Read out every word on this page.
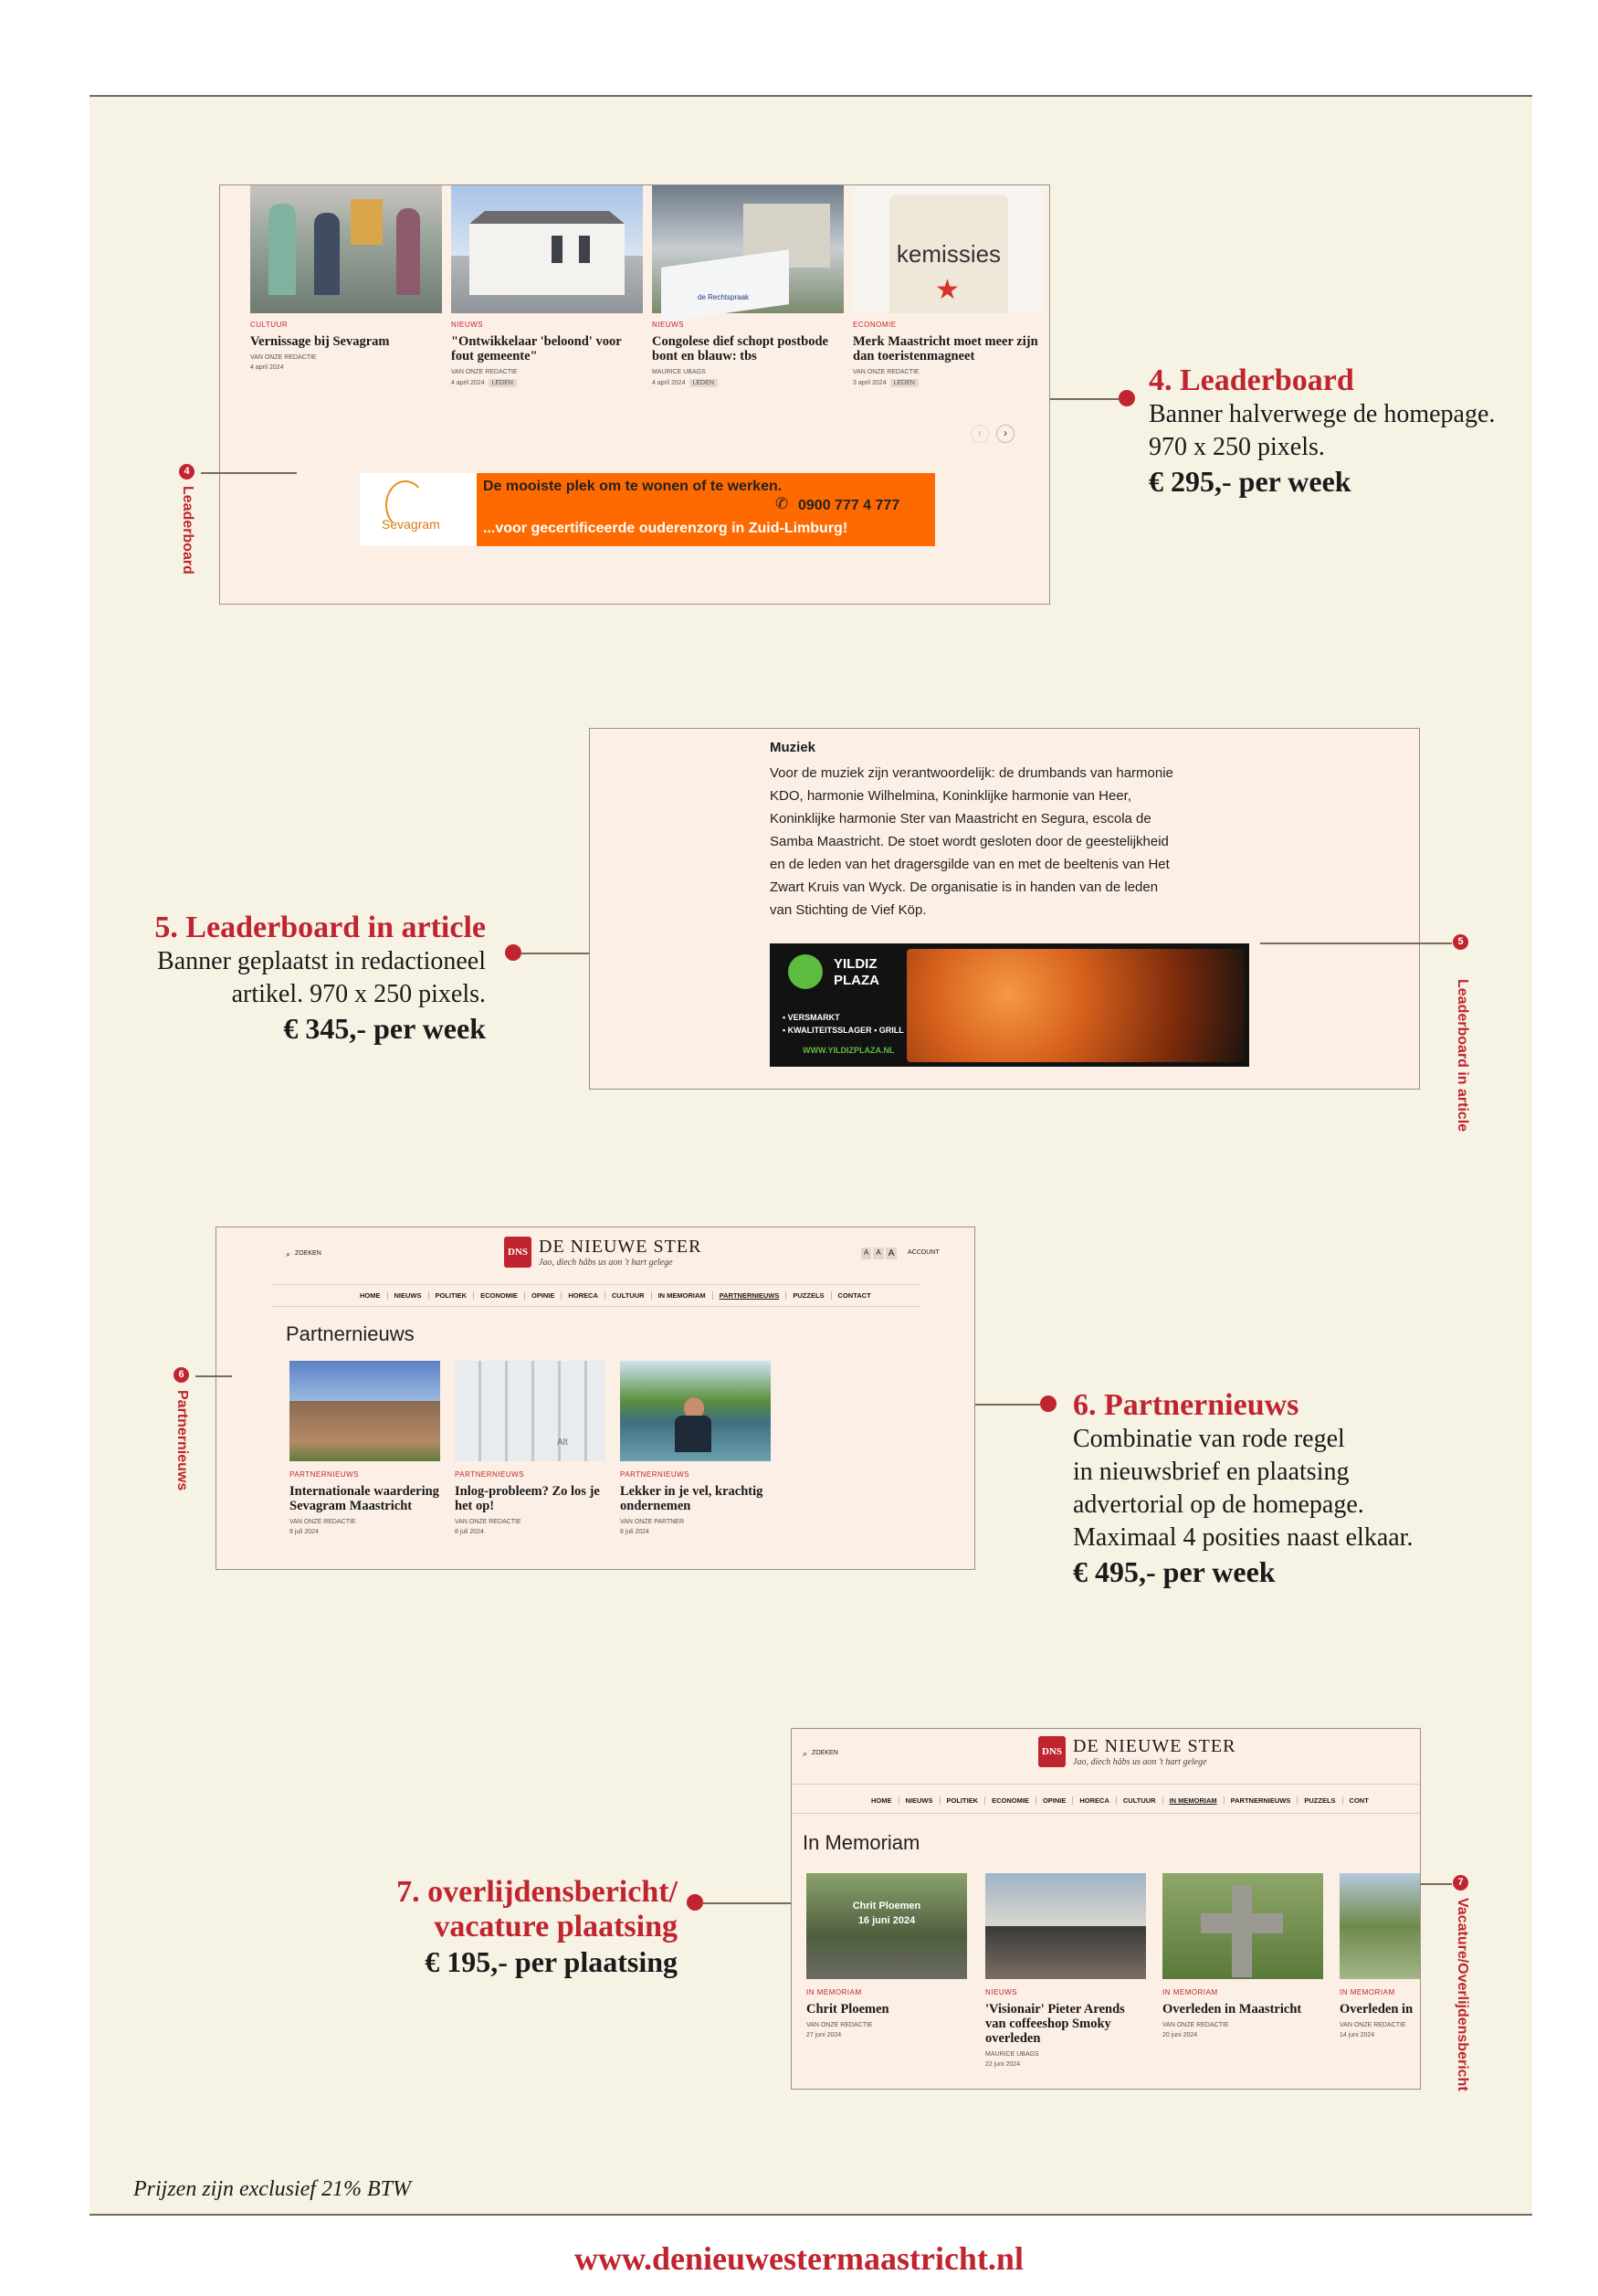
de Rechtspraak
kemissies
★
CULTUUR
Vernissage bij Sevagram
VAN ONZE REDACTIE
4 april 2024
NIEUWS
"Ontwikkelaar 'beloond' voor fout gemeente"
VAN ONZE REDACTIE
4 april 2024 LEDEN
NIEUWS
Congolese dief schopt postbode bont en blauw: tbs
MAURICE UBAGS
4 april 2024 LEDEN
ECONOMIE
Merk Maastricht moet meer zijn dan toeristenmagneet
VAN ONZE REDACTIE
3 april 2024 LEDEN
‹	›
Sevagram
De mooiste plek om te wonen of te werken.
✆ 0900 777 4 777
...voor gecertificeerde ouderenzorg in Zuid-Limburg!
4
Leaderboard

4. Leaderboard

Banner halverwege de homepage.

970 x 250 pixels.

€ 295,- per week

Muziek
Voor de muziek zijn verantwoordelijk: de drumbands van harmonie
KDO, harmonie Wilhelmina, Koninklijke harmonie van Heer,
Koninklijke harmonie Ster van Maastricht en Segura, escola de
Samba Maastricht. De stoet wordt gesloten door de geestelijkheid
en de leden van het dragersgilde van en met de beeltenis van Het
Zwart Kruis van Wyck. De organisatie is in handen van de leden
van Stichting de Vief Köp.
YILDIZ
PLAZA
• VERSMARKT
• KWALITEITSSLAGER • GRILL
WWW.YILDIZPLAZA.NL
5
Leaderboard in article

5. Leaderboard in article

Banner geplaatst in redactioneel

artikel. 970 x 250 pixels.

€ 345,- per week

⌕ ZOEKEN	DNS DE NIEUWE STER
Jao, diech hâbs us aon 't hart gelege
A	A A	ACCOUNT
HOME	NIEUWS	POLITIEK	ECONOMIE	OPINIE	HORECA	CULTUUR	IN MEMORIAM	PARTNERNIEUWS	PUZZELS	CONTACT
Partnernieuws
Alt
PARTNERNIEUWS
Internationale waardering Sevagram Maastricht
VAN ONZE REDACTIE
9 juli 2024
PARTNERNIEUWS
Inlog-probleem? Zo los je het op!
VAN ONZE REDACTIE
8 juli 2024
PARTNERNIEUWS
Lekker in je vel, krachtig ondernemen
VAN ONZE PARTNER
8 juli 2024
6
Partnernieuws	6. Partnernieuws

Combinatie van rode regel

in nieuwsbrief en plaatsing

advertorial op de homepage.

Maximaal 4 posities naast elkaar.

€ 495,- per week

⌕ ZOEKEN	DNS DE NIEUWE STER
Jao, diech hâbs us aon 't hart gelege
HOME	NIEUWS	POLITIEK	ECONOMIE	OPINIE	HORECA	CULTUUR	IN MEMORIAM	PARTNERNIEUWS	PUZZELS	CONT
In Memoriam
Chrit Ploemen
16 juni 2024
IN MEMORIAM
Chrit Ploemen
VAN ONZE REDACTIE
27 juni 2024
NIEUWS
'Visionair' Pieter Arends van coffeeshop Smoky overleden
MAURICE UBAGS
22 juni 2024
IN MEMORIAM
Overleden in Maastricht
VAN ONZE REDACTIE
20 juni 2024
IN MEMORIAM
Overleden in
VAN ONZE REDACTIE
14 juni 2024
7
Vacature/Overlijdensbericht

7. overlijdensbericht/

vacature plaatsing

€ 195,- per plaatsing

Prijzen zijn exclusief 21% BTW
www.denieuwestermaastricht.nl
